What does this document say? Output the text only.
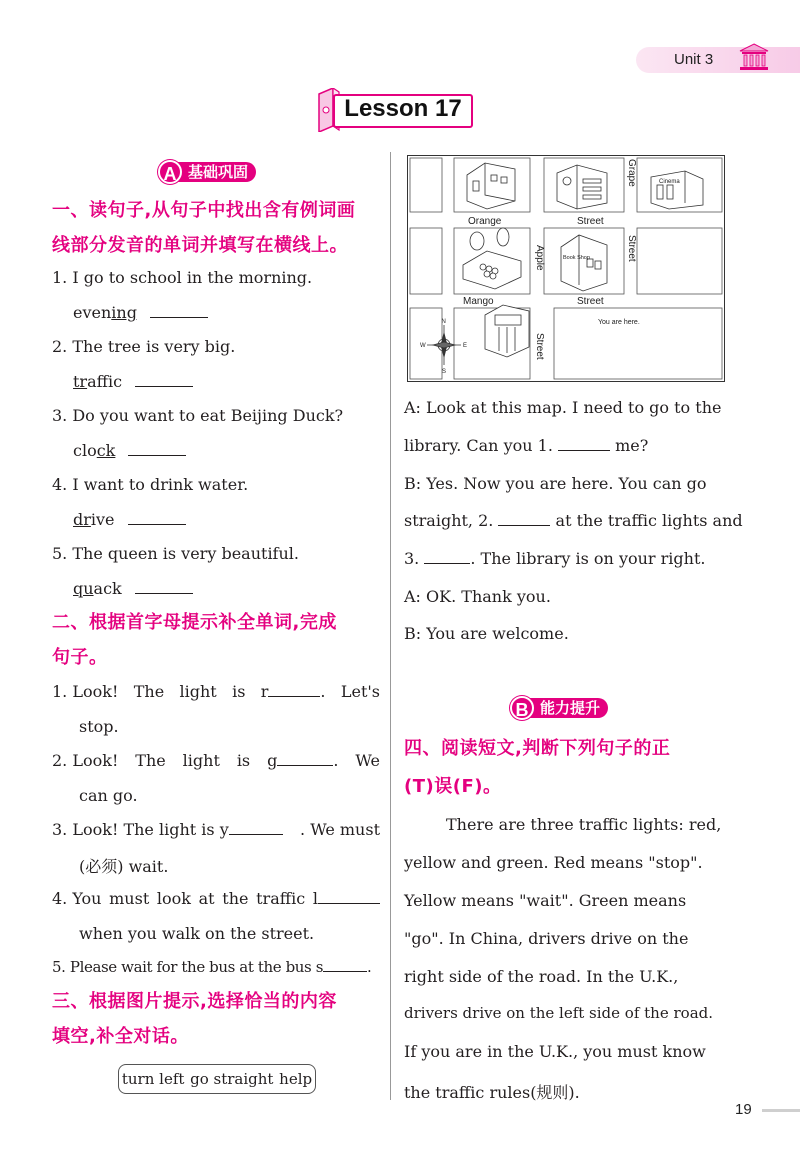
Unit 3
Lesson 17
A 基础巩固
一、读句子,从句子中找出含有例词画
线部分发音的单词并填写在横线上。
1. I go to school in the morning.
evening
2. The tree is very big.
traffic
3. Do you want to eat Beijing Duck?
clock
4. I want to drink water.
drive
5. The queen is very beautiful.
quack
二、根据首字母提示补全单词,完成
句子。
1. Look! The light is r	. Let's
stop.
2. Look! The light is g	. We
can go.
3. Look! The light is y	. We must
(必须) wait.
4. You must look at the traffic l
when you walk on the street.
5. Please wait for the bus at the bus s	.
三、根据图片提示,选择恰当的内容
填空,补全对话。
turn left go straight help
Cinema
Book Shop
N
S
W	E
Orange	Street
Grape
Apple	Street
Mango	Street
Street
You are here.
A: Look at this map. I need to go to the
library. Can you 1.	me?
B: Yes. Now you are here. You can go
straight, 2.	at the traffic lights and
3.	. The library is on your right.
A: OK. Thank you.
B: You are welcome.
B 能力提升
四、阅读短文,判断下列句子的正
(T)误(F)。
There are three traffic lights: red,
yellow and green. Red means "stop".
Yellow means "wait". Green means
"go". In China, drivers drive on the
right side of the road. In the U.K.,
drivers drive on the left side of the road.
If you are in the U.K., you must know
the traffic rules(规则).
19
